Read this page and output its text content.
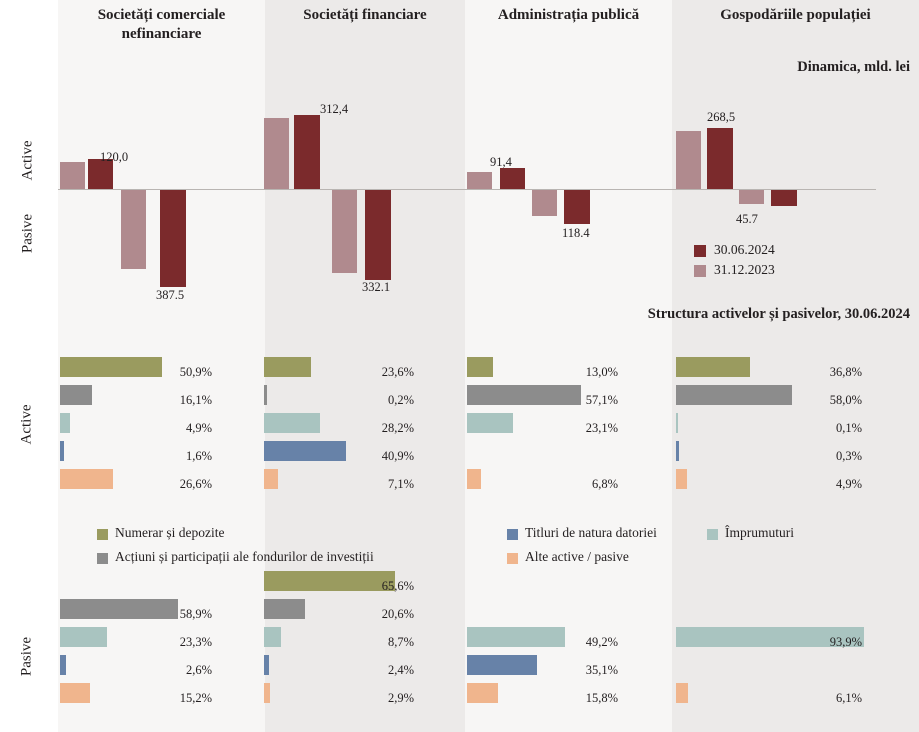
Societăți comerciale nefinanciare
Societăți financiare	Administrația publică	Gospodăriile populației
Dinamica, mld. lei
Active
Pasive
120,0
387.5
312,4
332.1
91,4
118.4
268,5
45.7
30.06.2024
31.12.2023
Structura activelor și pasivelor, 30.06.2024
Active
Pasive
50,9%
16,1%
4,9%
1,6%
26,6%
23,6%
0,2%
28,2%
40,9%
7,1%
13,0%
57,1%
23,1%
6,8%
36,8%
58,0%
0,1%
0,3%
4,9%
Numerar și depozite
Acțiuni și participații ale fondurilor de investiții
Titluri de natura datoriei	Împrumuturi
Alte active / pasive
58,9%
23,3%
2,6%
15,2%
65,6%
20,6%
8,7%
2,4%
2,9%
49,2%
35,1%
15,8%
93,9%
6,1%
